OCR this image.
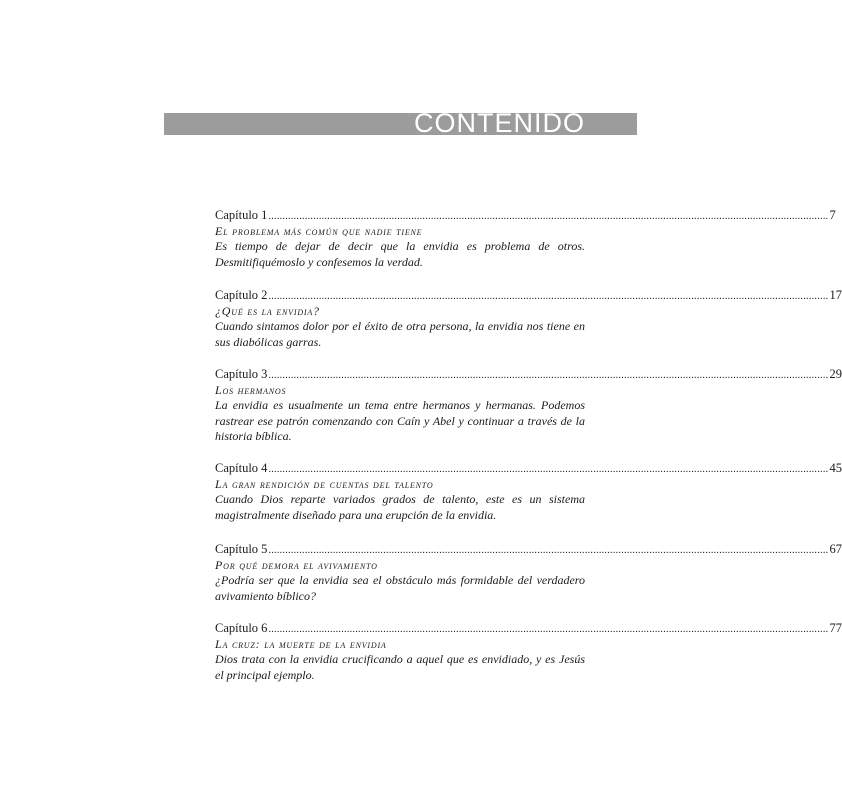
CONTENIDO
Capítulo 1 ........................................................................................................................................................................................................ 7
El problema más común que nadie tiene
Es tiempo de dejar de decir que la envidia es problema de otros. Desmitifiquémoslo y confesemos la verdad.
Capítulo 2 ........................................................................................................................................................................................................ 17
¿Qué es la envidia?
Cuando sintamos dolor por el éxito de otra persona, la envidia nos tiene en sus diabólicas garras.
Capítulo 3 ........................................................................................................................................................................................................ 29
Los hermanos
La envidia es usualmente un tema entre hermanos y hermanas. Podemos rastrear ese patrón comenzando con Caín y Abel y continuar a través de la historia bíblica.
Capítulo 4 ........................................................................................................................................................................................................ 45
La gran rendición de cuentas del talento
Cuando Dios reparte variados grados de talento, este es un sistema magistralmente diseñado para una erupción de la envidia.
Capítulo 5 ........................................................................................................................................................................................................ 67
Por qué demora el avivamiento
¿Podría ser que la envidia sea el obstáculo más formidable del verdadero avivamiento bíblico?
Capítulo 6 ........................................................................................................................................................................................................ 77
La cruz: la muerte de la envidia
Dios trata con la envidia crucificando a aquel que es envidiado, y es Jesús el principal ejemplo.
